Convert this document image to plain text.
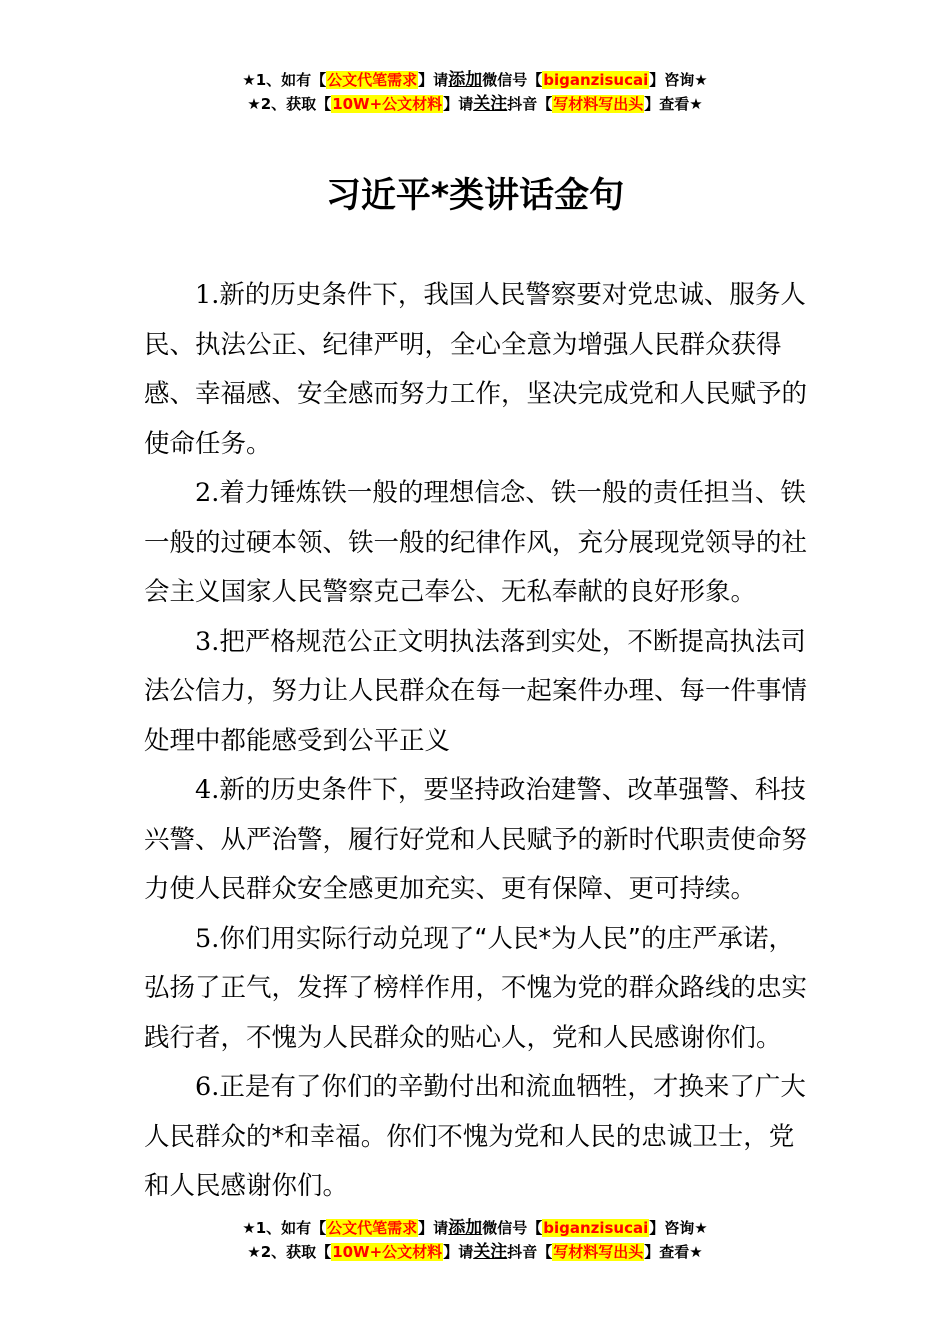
★1、如有【公文代笔需求】请添加微信号【biganzisucai】咨询★
★2、获取【10W+公文材料】请关注抖音【写材料写出头】查看★
习近平*类讲话金句

1.新的历史条件下，我国人民警察要对党忠诚、服务人民、执法公正、纪律严明，全心全意为增强人民群众获得感、幸福感、安全感而努力工作，坚决完成党和人民赋予的使命任务。

2.着力锤炼铁一般的理想信念、铁一般的责任担当、铁一般的过硬本领、铁一般的纪律作风，充分展现党领导的社会主义国家人民警察克己奉公、无私奉献的良好形象。

3.把严格规范公正文明执法落到实处，不断提高执法司法公信力，努力让人民群众在每一起案件办理、每一件事情处理中都能感受到公平正义

4.新的历史条件下，要坚持政治建警、改革强警、科技兴警、从严治警，履行好党和人民赋予的新时代职责使命努力使人民群众安全感更加充实、更有保障、更可持续。

5.你们用实际行动兑现了“人民*为人民”的庄严承诺，弘扬了正气，发挥了榜样作用，不愧为党的群众路线的忠实践行者，不愧为人民群众的贴心人，党和人民感谢你们。

6.正是有了你们的辛勤付出和流血牺牲，才换来了广大人民群众的*和幸福。你们不愧为党和人民的忠诚卫士，党和人民感谢你们。

★1、如有【公文代笔需求】请添加微信号【biganzisucai】咨询★
★2、获取【10W+公文材料】请关注抖音【写材料写出头】查看★
